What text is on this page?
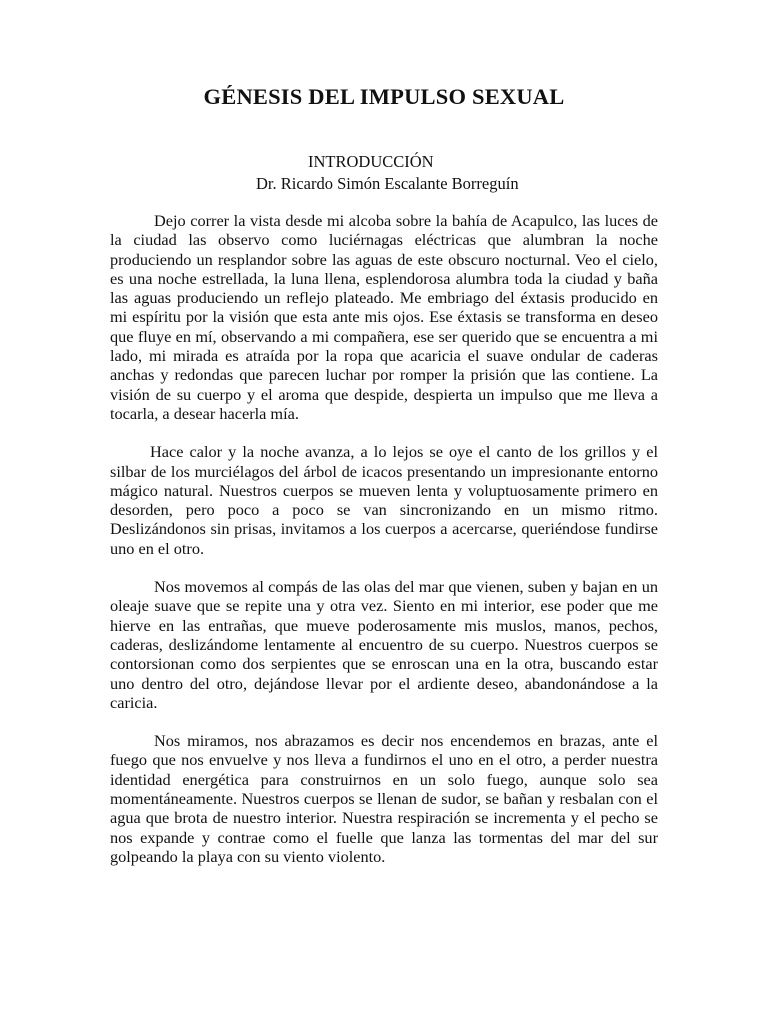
GÉNESIS DEL IMPULSO SEXUAL

INTRODUCCIÓN

Dr. Ricardo Simón Escalante Borreguín

Dejo correr la vista desde mi alcoba sobre la bahía de Acapulco, las luces de la ciudad las observo como luciérnagas eléctricas que alumbran la noche produciendo un resplandor sobre las aguas de este obscuro nocturnal. Veo el cielo, es una noche estrellada, la luna llena, esplendorosa alumbra toda la ciudad y baña las aguas produciendo un reflejo plateado. Me embriago del éxtasis producido en mi espíritu por la visión que esta ante mis ojos. Ese éxtasis se transforma en deseo que fluye en mí, observando a mi compañera, ese ser querido que se encuentra a mi lado, mi mirada es atraída por la ropa que acaricia el suave ondular de caderas anchas y redondas que parecen luchar por romper la prisión que las contiene. La visión de su cuerpo y el aroma que despide, despierta un impulso que me lleva a tocarla, a desear hacerla mía.

Hace calor y la noche avanza, a lo lejos se oye el canto de los grillos y el silbar de los murciélagos del árbol de icacos presentando un impresionante entorno mágico natural. Nuestros cuerpos se mueven lenta y voluptuosamente primero en desorden, pero poco a poco se van sincronizando en un mismo ritmo. Deslizándonos sin prisas, invitamos a los cuerpos a acercarse, queriéndose fundirse uno en el otro.

Nos movemos al compás de las olas del mar que vienen, suben y bajan en un oleaje suave que se repite una y otra vez. Siento en mi interior, ese poder que me hierve en las entrañas, que mueve poderosamente mis muslos, manos, pechos, caderas, deslizándome lentamente al encuentro de su cuerpo. Nuestros cuerpos se contorsionan como dos serpientes que se enroscan una en la otra, buscando estar uno dentro del otro, dejándose llevar por el ardiente deseo, abandonándose a la caricia.

Nos miramos, nos abrazamos es decir nos encendemos en brazas, ante el fuego que nos envuelve y nos lleva a fundirnos el uno en el otro, a perder nuestra identidad energética para construirnos en un solo fuego, aunque solo sea momentáneamente. Nuestros cuerpos se llenan de sudor, se bañan y resbalan con el agua que brota de nuestro interior. Nuestra respiración se incrementa y el pecho se nos expande y contrae como el fuelle que lanza las tormentas del mar del sur golpeando la playa con su viento violento.
